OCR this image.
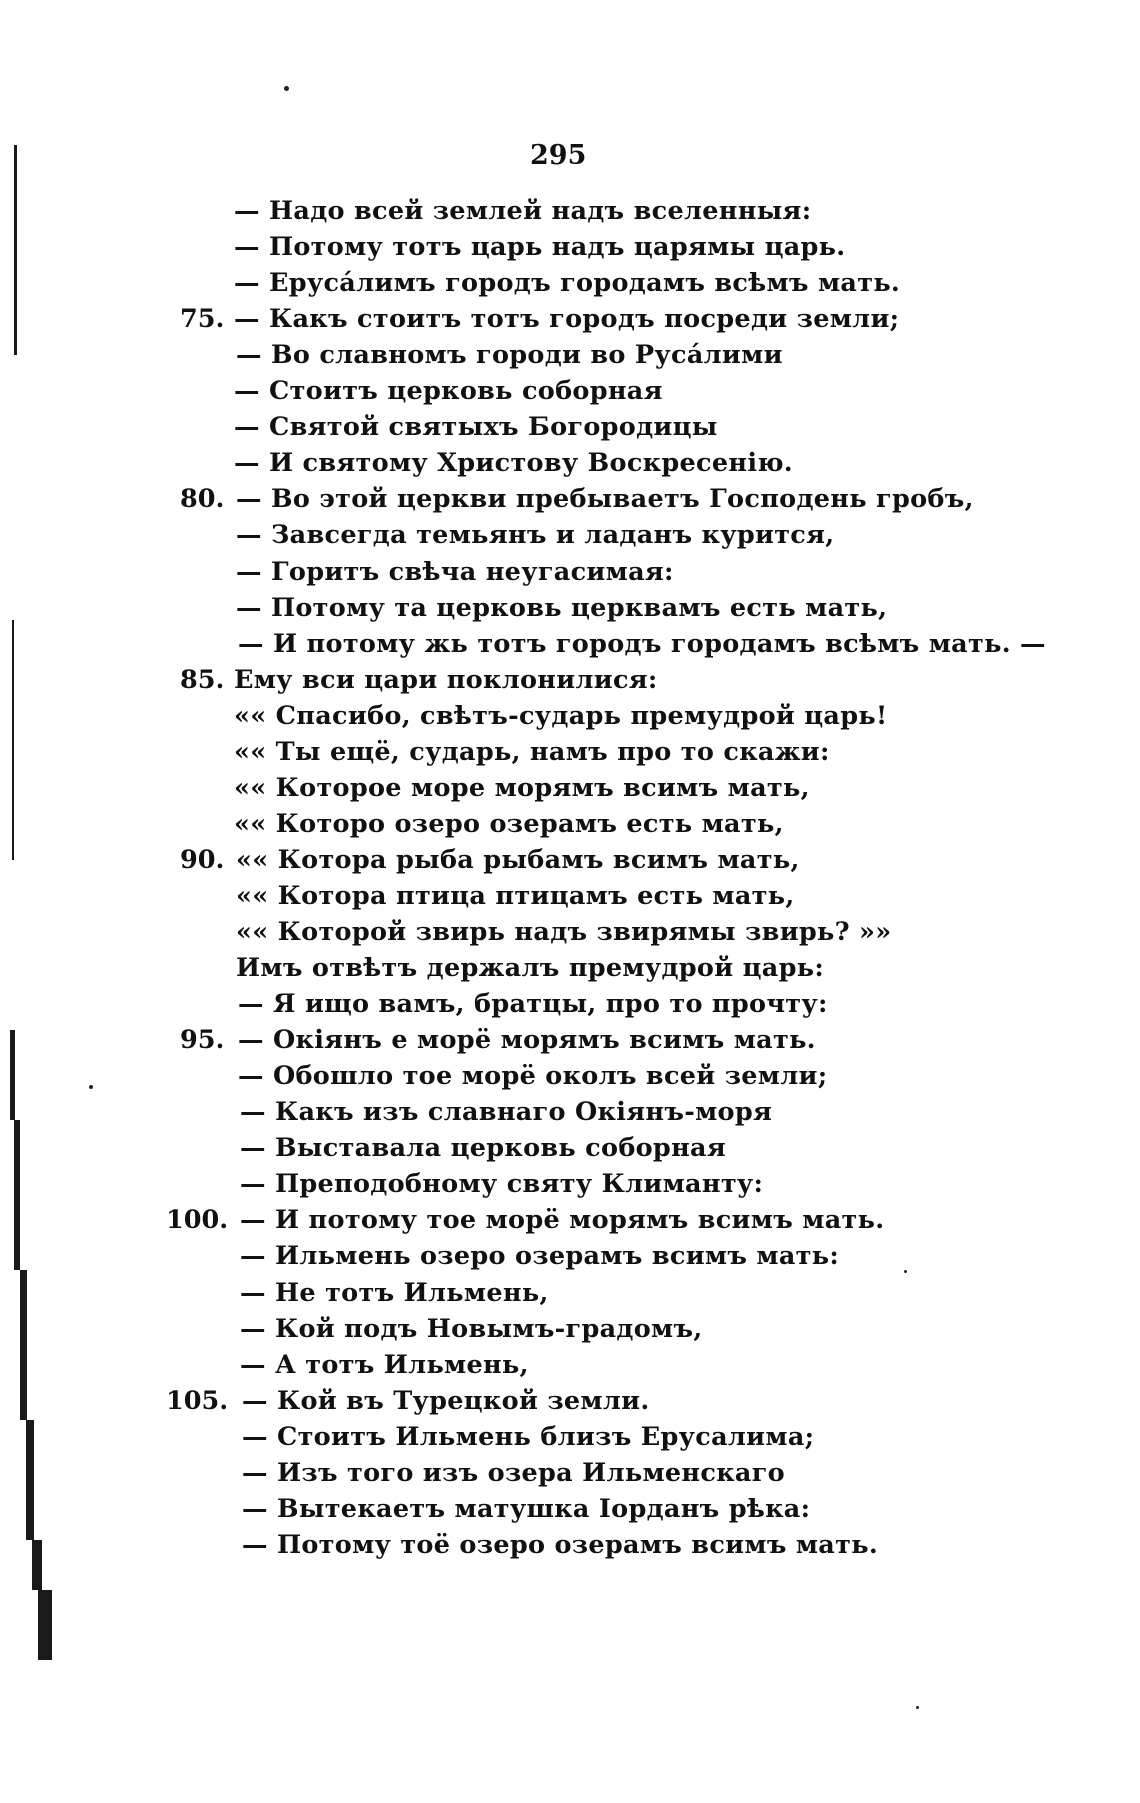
295
— Надо всей землей надъ вселенныя:
— Потому тотъ царь надъ царямы царь.
— Ерусáлимъ городъ городамъ всѣмъ мать.
75. — Какъ стоитъ тотъ городъ посреди земли;
— Во славномъ городи во Русáлими
— Стоитъ церковь соборная
— Святой святыхъ Богородицы
— И святому Христову Воскресенію.
80. — Во этой церкви пребываетъ Господень гробъ,
— Завсегда темьянъ и ладанъ курится,
— Горитъ свѣча неугасимая:
— Потому та церковь церквамъ есть мать,
— И потому жь тотъ городъ городамъ всѣмъ мать. —
85. Ему вси цари поклонилися:
«« Спасибо, свѣтъ-сударь премудрой царь!
«« Ты ещё, сударь, намъ про то скажи:
«« Которое море морямъ всимъ мать,
«« Которо озеро озерамъ есть мать,
90. «« Котора рыба рыбамъ всимъ мать,
«« Котора птица птицамъ есть мать,
«« Которой звирь надъ звирямы звирь? »»
Имъ отвѣтъ держалъ премудрой царь:
— Я ищо вамъ, братцы, про то прочту:
95. — Окіянъ е морё морямъ всимъ мать.
— Обошло тое морё околъ всей земли;
— Какъ изъ славнаго Окіянъ-моря
— Выставала церковь соборная
— Преподобному святу Климанту:
100. — И потому тое морё морямъ всимъ мать.
— Ильмень озеро озерамъ всимъ мать:
— Не тотъ Ильмень,
— Кой подъ Новымъ-градомъ,
— А тотъ Ильмень,
105. — Кой въ Турецкой земли.
— Стоитъ Ильмень близъ Ерусалима;
— Изъ того изъ озера Ильменскаго
— Вытекаетъ матушка Іорданъ рѣка:
— Потому тоё озеро озерамъ всимъ мать.
